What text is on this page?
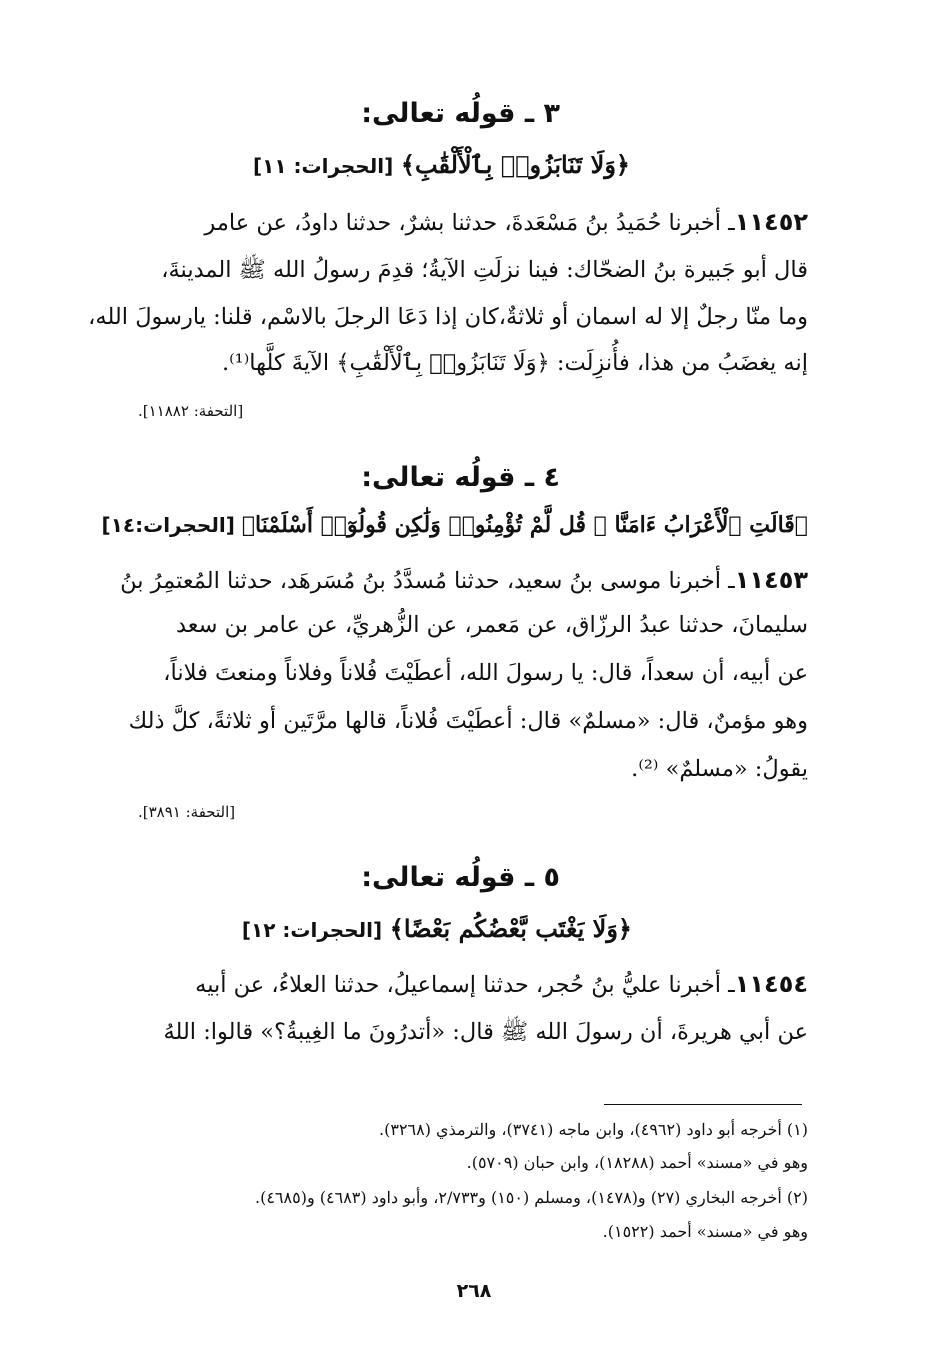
٣ ـ قولُه تعالى:
﴿وَلَا تَنَابَزُوا۟ بِٱلْأَلْقَٰبِ﴾ [الحجرات: ١١]
١١٤٥٢ـ أخبرنا حُمَيدُ بنُ مَسْعَدةَ، حدثنا بشرٌ، حدثنا داودُ، عن عامر
قال أبو جَبيرة بنُ الضحّاك: فينا نزلَتِ الآيةُ؛ قدِمَ رسولُ الله ﷺ المدينةَ،
وما منّا رجلٌ إلا له اسمان أو ثلاثةٌ،كان إذا دَعَا الرجلَ بالاسْم، قلنا: يارسولَ الله،
إنه يغضَبُ من هذا، فأُنزِلَت: ﴿وَلَا تَنَابَزُوا۟ بِٱلْأَلْقَٰبِ﴾ الآيةَ كلَّها⁽¹⁾.
[التحفة: ١١٨٨٢].
٤ ـ قولُه تعالى:
﴿قَالَتِ ٱلْأَعْرَابُ ءَامَنَّا ۖ قُل لَّمْ تُؤْمِنُوا۟ وَلَٰكِن قُولُوٓا۟ أَسْلَمْنَا﴾ [الحجرات:١٤]
١١٤٥٣ـ أخبرنا موسى بنُ سعيد، حدثنا مُسدَّدُ بنُ مُسَرهَد، حدثنا المُعتمِرُ بنُ
سليمانَ، حدثنا عبدُ الرزّاق، عن مَعمر، عن الزُّهريِّ، عن عامر بن سعد
عن أبيه، أن سعداً، قال: يا رسولَ الله، أعطَيْتَ فُلاناً وفلاناً ومنعتَ فلاناً،
وهو مؤمنٌ، قال: «مسلمٌ» قال: أعطَيْتَ فُلاناً، قالها مرَّتَين أو ثلاثةً، كلَّ ذلك
يقولُ: «مسلمٌ» ⁽²⁾.
[التحفة: ٣٨٩١].
٥ ـ قولُه تعالى:
﴿وَلَا يَغْتَب بَّعْضُكُم بَعْضًا﴾ [الحجرات: ١٢]
١١٤٥٤ـ أخبرنا عليُّ بنُ حُجر، حدثنا إسماعيلُ، حدثنا العلاءُ، عن أبيه
عن أبي هريرةَ، أن رسولَ الله ﷺ قال: «أتدرُونَ ما الغِيبةُ؟» قالوا: اللهُ
(١) أخرجه أبو داود (٤٩٦٢)، وابن ماجه (٣٧٤١)، والترمذي (٣٢٦٨).
وهو في «مسند» أحمد (١٨٢٨٨)، وابن حبان (٥٧٠٩).
(٢) أخرجه البخاري (٢٧) و(١٤٧٨)، ومسلم (١٥٠) و٢/٧٣٣، وأبو داود (٤٦٨٣) و(٤٦٨٥).
وهو في «مسند» أحمد (١٥٢٢).
٢٦٨
